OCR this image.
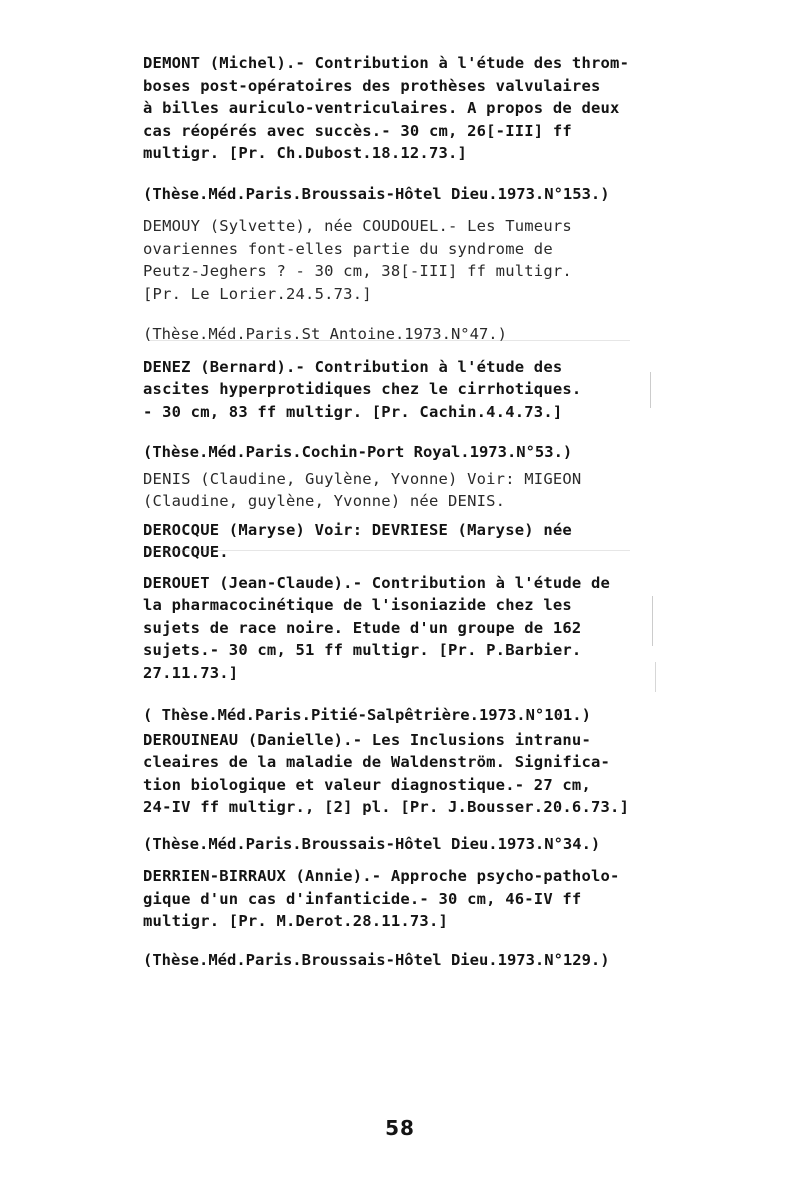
DEMONT (Michel).- Contribution à l'étude des throm-
boses post-opératoires des prothèses valvulaires
à billes auriculo-ventriculaires. A propos de deux
cas réopérés avec succès.- 30 cm, 26[-III] ff
multigr. [Pr. Ch.Dubost.18.12.73.]
(Thèse.Méd.Paris.Broussais-Hôtel Dieu.1973.N°153.)
DEMOUY (Sylvette), née COUDOUEL.- Les Tumeurs
ovariennes font-elles partie du syndrome de
Peutz-Jeghers ? - 30 cm, 38[-III] ff multigr.
[Pr. Le Lorier.24.5.73.]
(Thèse.Méd.Paris.St Antoine.1973.N°47.)
DENEZ (Bernard).- Contribution à l'étude des
ascites hyperprotidiques chez le cirrhotiques.
- 30 cm, 83 ff multigr. [Pr. Cachin.4.4.73.]
(Thèse.Méd.Paris.Cochin-Port Royal.1973.N°53.)
DENIS (Claudine, Guylène, Yvonne) Voir: MIGEON
(Claudine, guylène, Yvonne) née DENIS.
DEROCQUE (Maryse) Voir: DEVRIESE (Maryse) née
DEROCQUE.
DEROUET (Jean-Claude).- Contribution à l'étude de
la pharmacocinétique de l'isoniazide chez les
sujets de race noire. Etude d'un groupe de 162
sujets.- 30 cm, 51 ff multigr. [Pr. P.Barbier.
27.11.73.]
( Thèse.Méd.Paris.Pitié-Salpêtrière.1973.N°101.)
DEROUINEAU (Danielle).- Les Inclusions intranu-
cleaires de la maladie de Waldenström. Significa-
tion biologique et valeur diagnostique.- 27 cm,
24-IV ff multigr., [2] pl. [Pr. J.Bousser.20.6.73.]
(Thèse.Méd.Paris.Broussais-Hôtel Dieu.1973.N°34.)
DERRIEN-BIRRAUX (Annie).- Approche psycho-patholo-
gique d'un cas d'infanticide.- 30 cm, 46-IV ff
multigr. [Pr. M.Derot.28.11.73.]
(Thèse.Méd.Paris.Broussais-Hôtel Dieu.1973.N°129.)
58
